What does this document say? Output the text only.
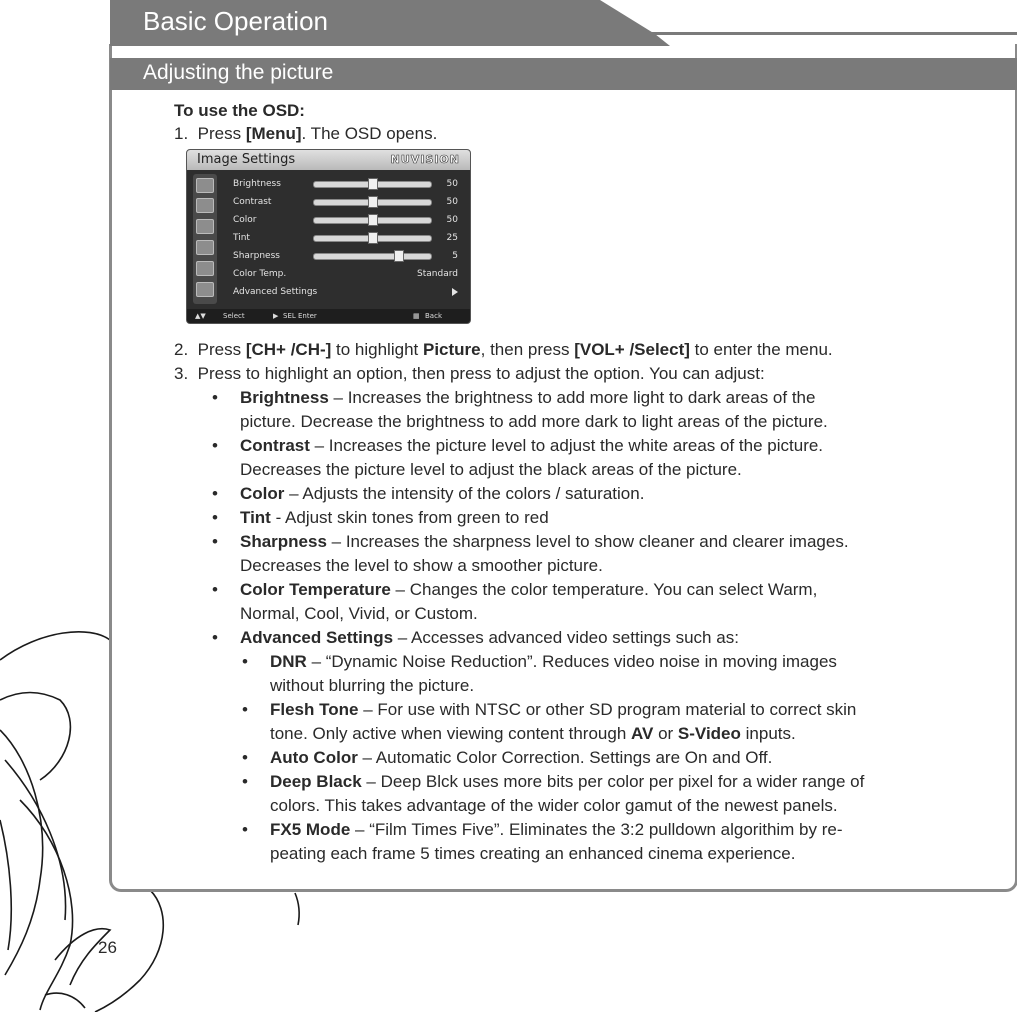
Basic Operation
Adjusting the picture
To use the OSD:
1. Press [Menu]. The OSD opens.
Image Settings	NUVISION
Brightness	50
Contrast	50
Color	50
Tint	25
Sharpness	5
Color Temp.	Standard
Advanced Settings
▲▼ Select	▶ SEL Enter	▦ Back
2. Press [CH+ /CH-] to highlight Picture, then press [VOL+ /Select] to enter the menu.
3. Press to highlight an option, then press to adjust the option. You can adjust:
• Brightness – Increases the brightness to add more light to dark areas of the
picture. Decrease the brightness to add more dark to light areas of the picture.
• Contrast – Increases the picture level to adjust the white areas of the picture.
Decreases the picture level to adjust the black areas of the picture.
• Color – Adjusts the intensity of the colors / saturation.
• Tint - Adjust skin tones from green to red
• Sharpness – Increases the sharpness level to show cleaner and clearer images.
Decreases the level to show a smoother picture.
• Color Temperature – Changes the color temperature. You can select Warm,
Normal, Cool, Vivid, or Custom.
• Advanced Settings – Accesses advanced video settings such as:
• DNR – “Dynamic Noise Reduction”. Reduces video noise in moving images
without blurring the picture.
• Flesh Tone – For use with NTSC or other SD program material to correct skin
tone. Only active when viewing content through AV or S-Video inputs.
• Auto Color – Automatic Color Correction. Settings are On and Off.
• Deep Black – Deep Blck uses more bits per color per pixel for a wider range of
colors. This takes advantage of the wider color gamut of the newest panels.
• FX5 Mode – “Film Times Five”. Eliminates the 3:2 pulldown algorithim by re-
peating each frame 5 times creating an enhanced cinema experience.
26
